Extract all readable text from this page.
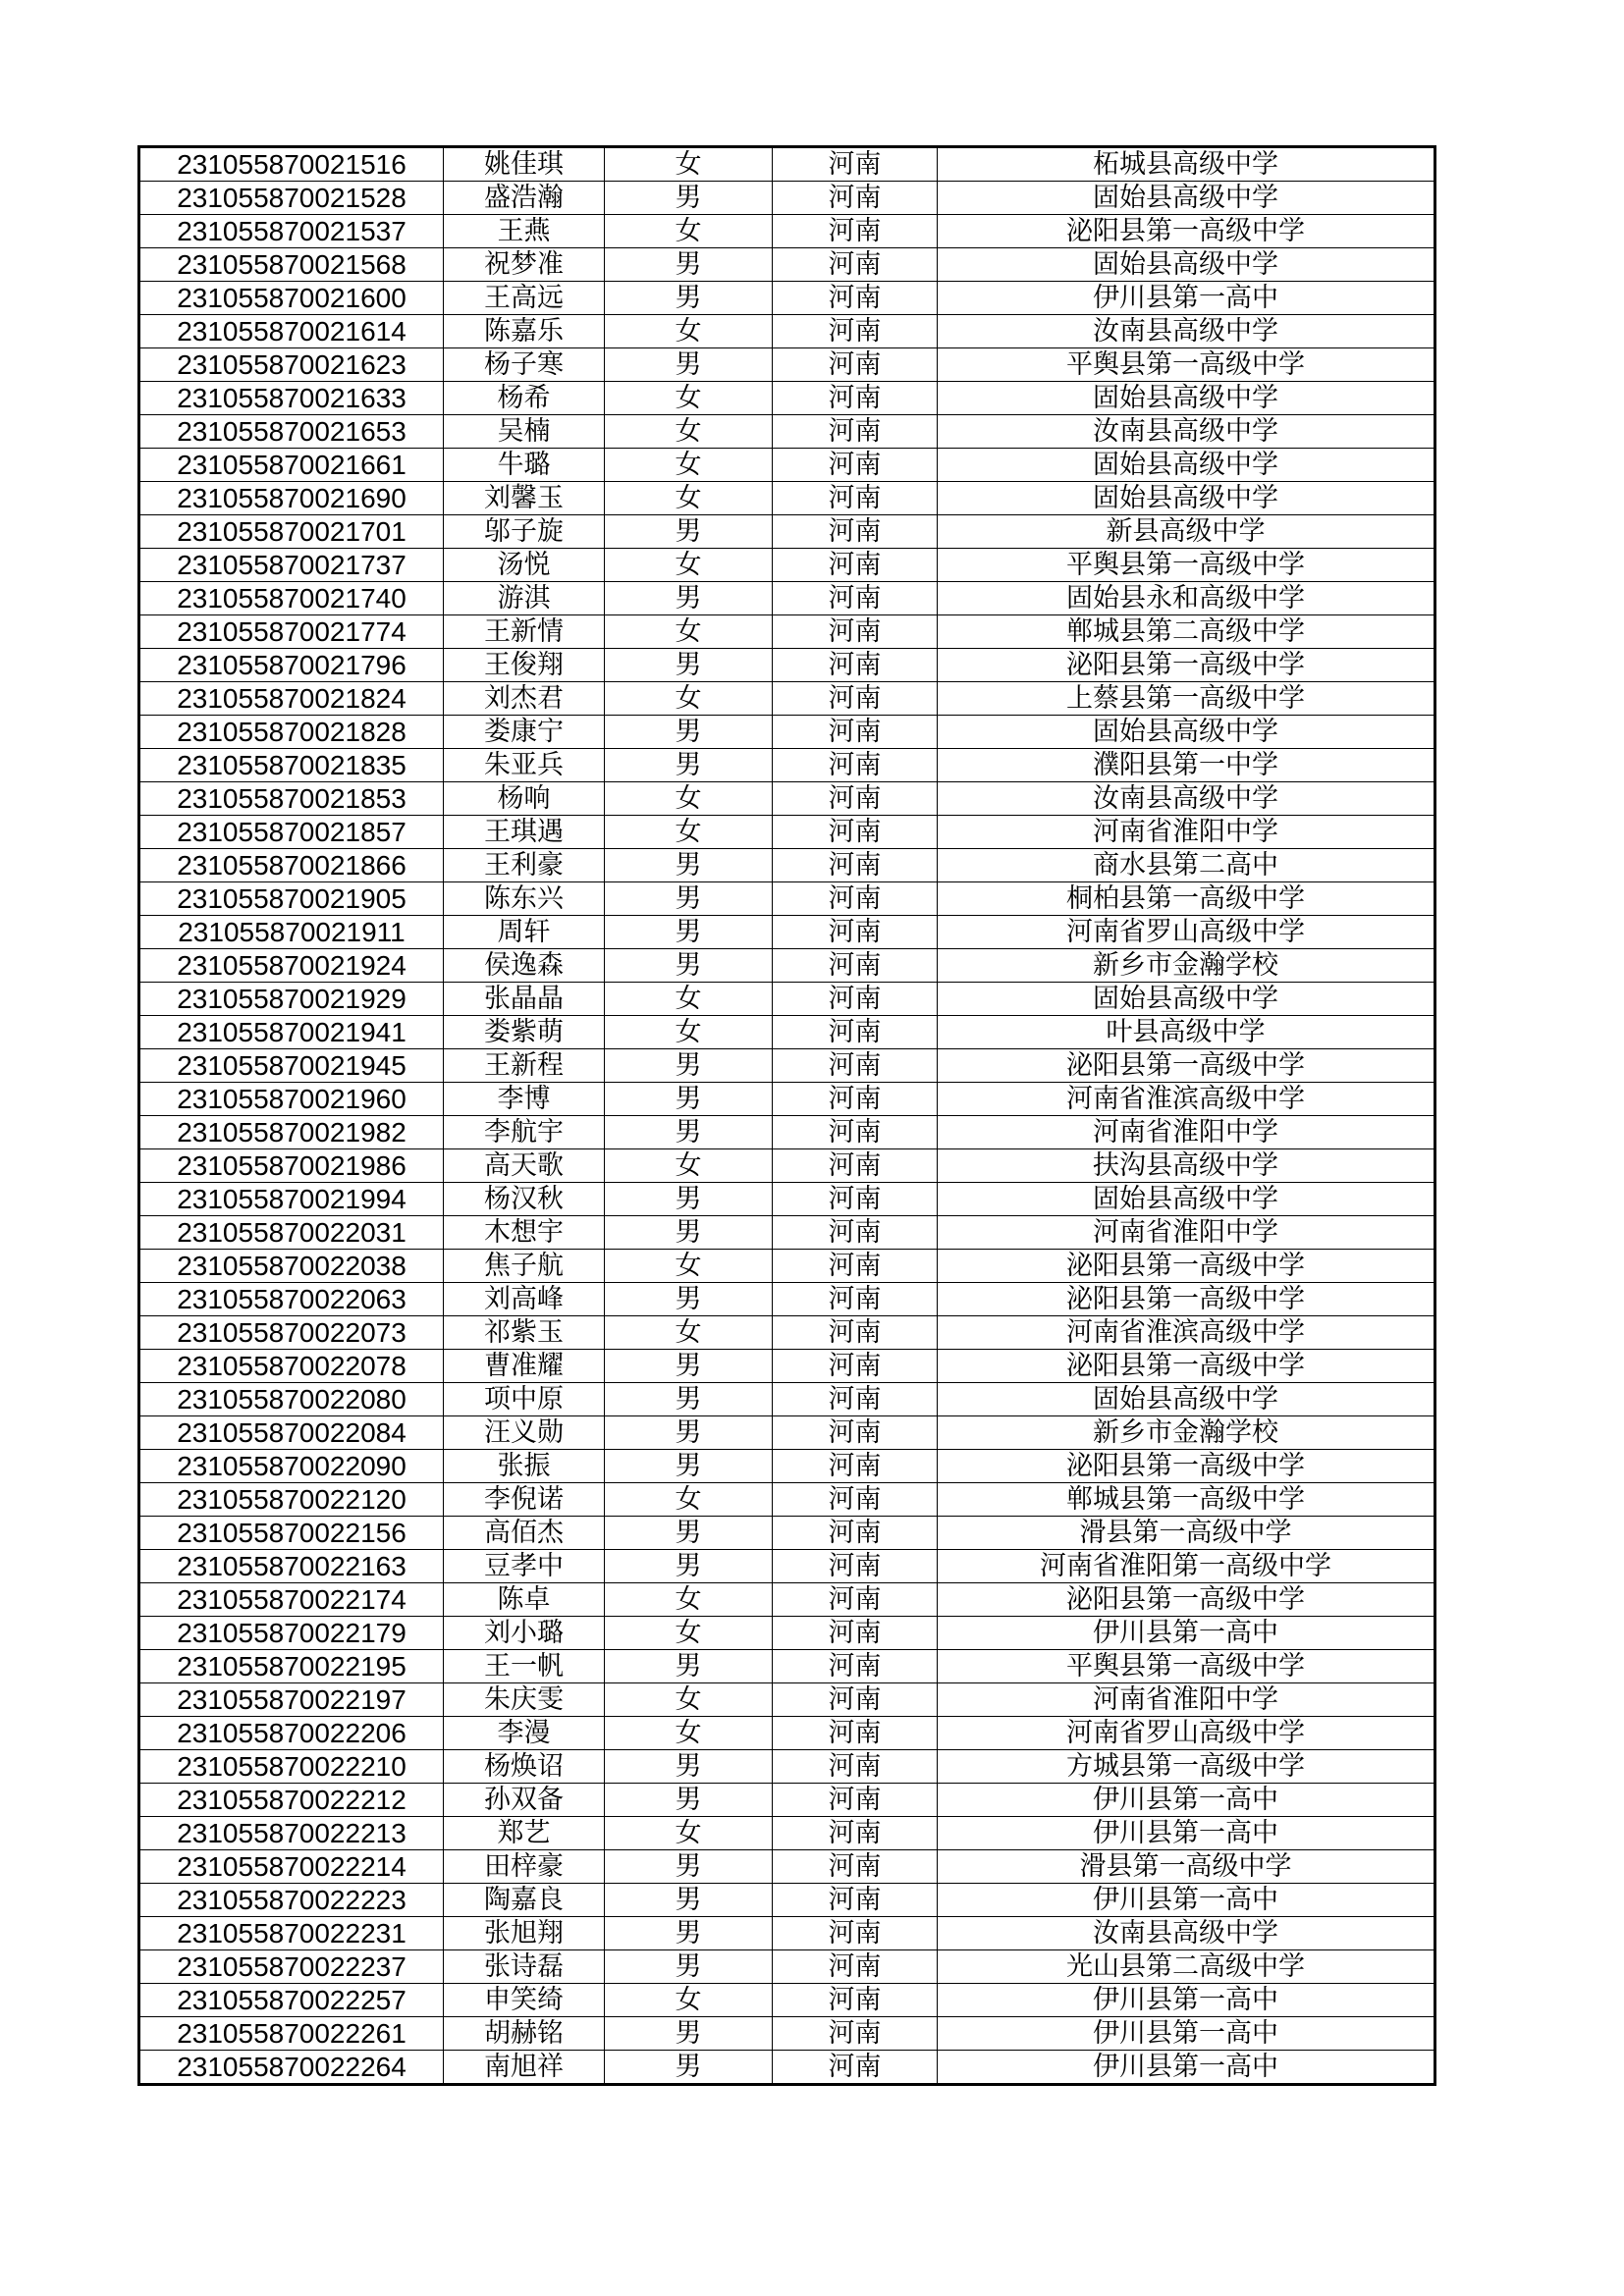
231055870021516	姚佳琪	女	河南	柘城县高级中学
231055870021528	盛浩瀚	男	河南	固始县高级中学
231055870021537	王燕	女	河南	泌阳县第一高级中学
231055870021568	祝梦准	男	河南	固始县高级中学
231055870021600	王高远	男	河南	伊川县第一高中
231055870021614	陈嘉乐	女	河南	汝南县高级中学
231055870021623	杨子寒	男	河南	平舆县第一高级中学
231055870021633	杨希	女	河南	固始县高级中学
231055870021653	吴楠	女	河南	汝南县高级中学
231055870021661	牛璐	女	河南	固始县高级中学
231055870021690	刘馨玉	女	河南	固始县高级中学
231055870021701	邬子旋	男	河南	新县高级中学
231055870021737	汤悦	女	河南	平舆县第一高级中学
231055870021740	游淇	男	河南	固始县永和高级中学
231055870021774	王新情	女	河南	郸城县第二高级中学
231055870021796	王俊翔	男	河南	泌阳县第一高级中学
231055870021824	刘杰君	女	河南	上蔡县第一高级中学
231055870021828	娄康宁	男	河南	固始县高级中学
231055870021835	朱亚兵	男	河南	濮阳县第一中学
231055870021853	杨响	女	河南	汝南县高级中学
231055870021857	王琪遇	女	河南	河南省淮阳中学
231055870021866	王利豪	男	河南	商水县第二高中
231055870021905	陈东兴	男	河南	桐柏县第一高级中学
231055870021911	周轩	男	河南	河南省罗山高级中学
231055870021924	侯逸森	男	河南	新乡市金瀚学校
231055870021929	张晶晶	女	河南	固始县高级中学
231055870021941	娄紫萌	女	河南	叶县高级中学
231055870021945	王新程	男	河南	泌阳县第一高级中学
231055870021960	李博	男	河南	河南省淮滨高级中学
231055870021982	李航宇	男	河南	河南省淮阳中学
231055870021986	高天歌	女	河南	扶沟县高级中学
231055870021994	杨汉秋	男	河南	固始县高级中学
231055870022031	木想宇	男	河南	河南省淮阳中学
231055870022038	焦子航	女	河南	泌阳县第一高级中学
231055870022063	刘高峰	男	河南	泌阳县第一高级中学
231055870022073	祁紫玉	女	河南	河南省淮滨高级中学
231055870022078	曹准耀	男	河南	泌阳县第一高级中学
231055870022080	项中原	男	河南	固始县高级中学
231055870022084	汪义勋	男	河南	新乡市金瀚学校
231055870022090	张振	男	河南	泌阳县第一高级中学
231055870022120	李倪诺	女	河南	郸城县第一高级中学
231055870022156	高佰杰	男	河南	滑县第一高级中学
231055870022163	豆孝中	男	河南	河南省淮阳第一高级中学
231055870022174	陈卓	女	河南	泌阳县第一高级中学
231055870022179	刘小璐	女	河南	伊川县第一高中
231055870022195	王一帆	男	河南	平舆县第一高级中学
231055870022197	朱庆雯	女	河南	河南省淮阳中学
231055870022206	李漫	女	河南	河南省罗山高级中学
231055870022210	杨焕诏	男	河南	方城县第一高级中学
231055870022212	孙双备	男	河南	伊川县第一高中
231055870022213	郑艺	女	河南	伊川县第一高中
231055870022214	田梓豪	男	河南	滑县第一高级中学
231055870022223	陶嘉良	男	河南	伊川县第一高中
231055870022231	张旭翔	男	河南	汝南县高级中学
231055870022237	张诗磊	男	河南	光山县第二高级中学
231055870022257	申笑绮	女	河南	伊川县第一高中
231055870022261	胡赫铭	男	河南	伊川县第一高中
231055870022264	南旭祥	男	河南	伊川县第一高中
